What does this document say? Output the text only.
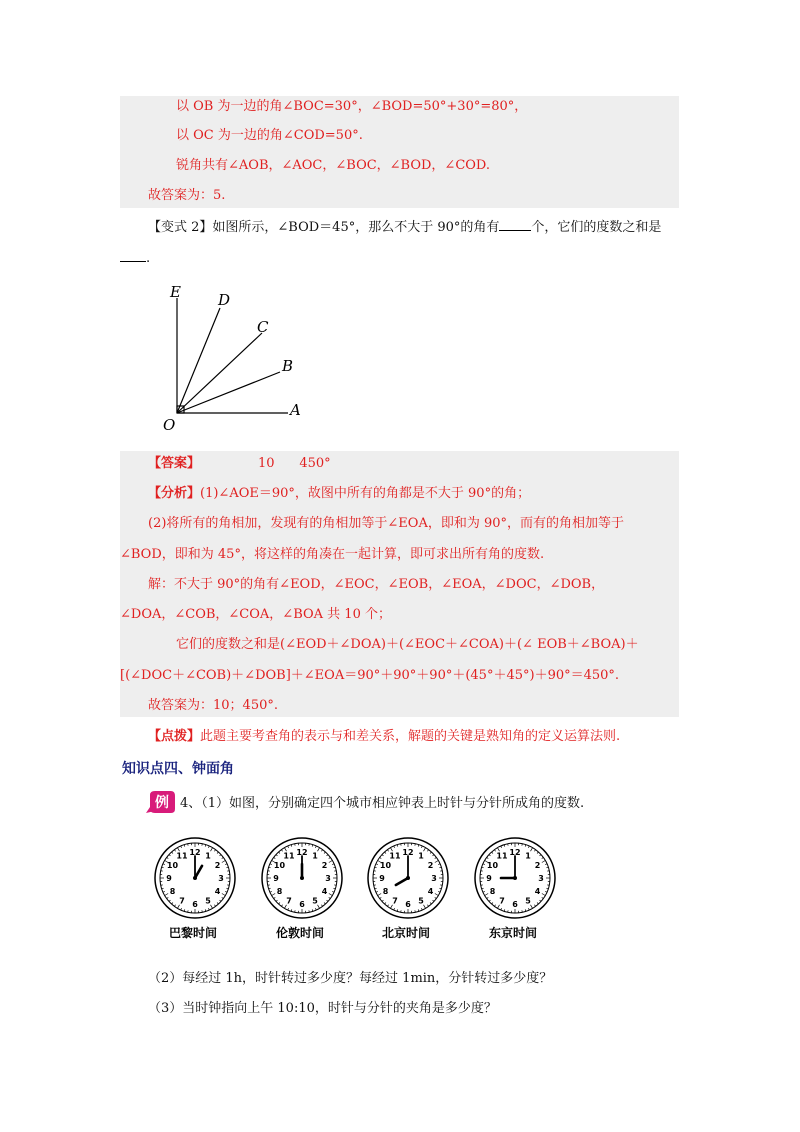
以 OB 为一边的角∠BOC=30°，∠BOD=50°+30°=80°，
以 OC 为一边的角∠COD=50°.
锐角共有∠AOB，∠AOC，∠BOC，∠BOD，∠COD.
故答案为：5.
【变式 2】如图所示，∠BOD＝45°，那么不大于 90°的角有 个，它们的度数之和是
.
E D
C
B
A
O
【答案】	10      450°
【分析】(1)∠AOE＝90°，故图中所有的角都是不大于 90°的角；
(2)将所有的角相加，发现有的角相加等于∠EOA，即和为 90°，而有的角相加等于
∠BOD，即和为 45°，将这样的角凑在一起计算，即可求出所有角的度数.
解：不大于 90°的角有∠EOD，∠EOC，∠EOB，∠EOA，∠DOC，∠DOB，
∠DOA，∠COB，∠COA，∠BOA 共 10 个；
它们的度数之和是(∠EOD＋∠DOA)＋(∠EOC＋∠COA)＋(∠ EOB＋∠BOA)＋
[(∠DOC＋∠COB)＋∠DOB]＋∠EOA＝90°＋90°＋90°＋(45°＋45°)＋90°＝450°.
故答案为：10；450°.
【点拨】此题主要考查角的表示与和差关系，解题的关键是熟知角的定义运算法则.
知识点四、钟面角
例 4、（1）如图，分别确定四个城市相应钟表上时针与分针所成角的度数.
12 1
2
3
4
5
6
7
8
9
10
11
巴黎时间
12 1
2
3
4
5
6
7
8
9
10
11
伦敦时间
12 1
2
3
4
5
6
7
8
9
10
11
北京时间
12 1
2
3
4
5
6
7
8
9
10
11
东京时间
（2）每经过 1h，时针转过多少度？每经过 1min，分针转过多少度？
（3）当时钟指向上午 10:10，时针与分针的夹角是多少度？
